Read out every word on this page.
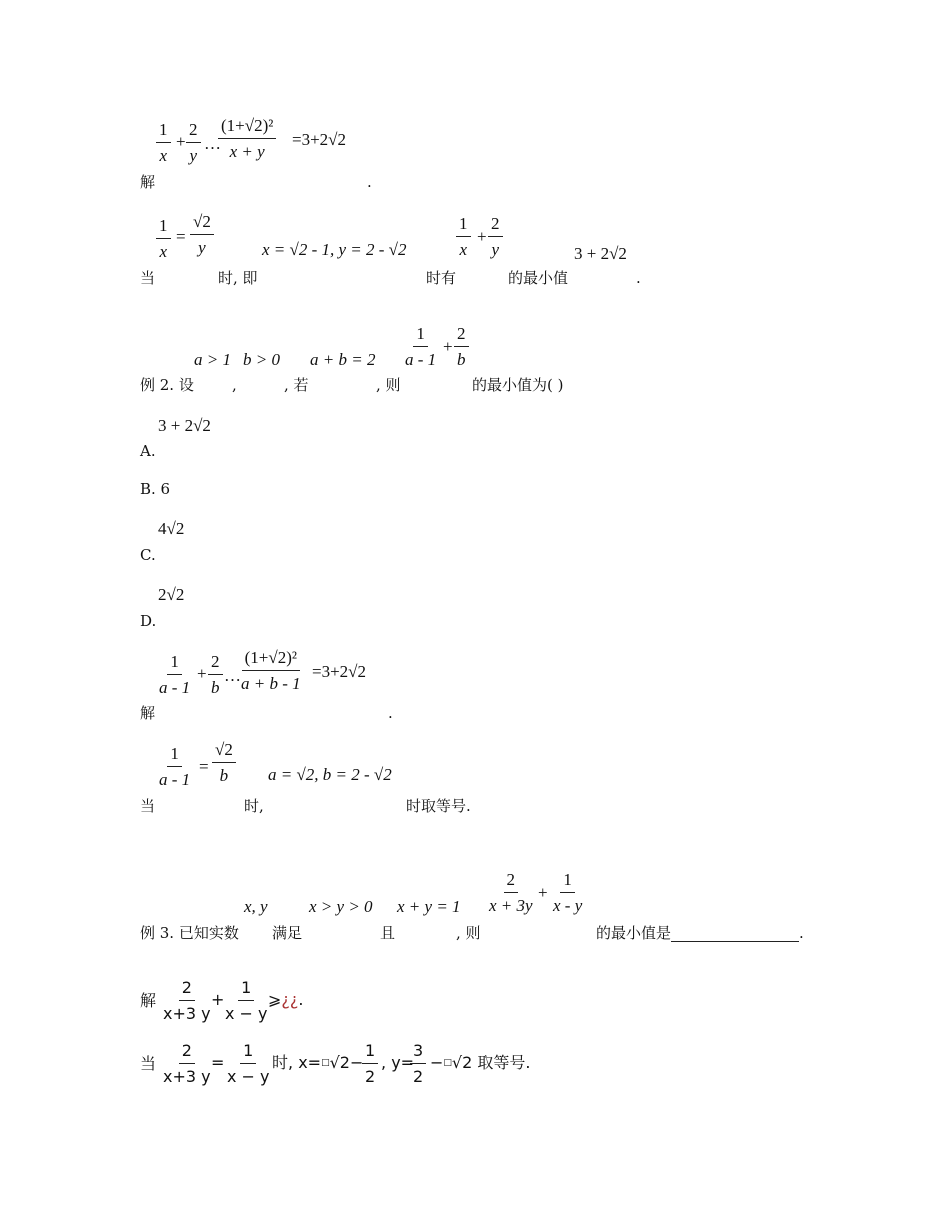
$\frac{1}{x} + \frac{2}{y}$ …
$\frac{\text{(1+√2)²}}{x + y} =3+2√2$
解	.
$\frac{1}{x} = \frac{√2}{y}$	x = √2 - 1, y = 2 - √2	$\frac{1}{x} + \frac{2}{y}$	3 + 2√2
当	时, 即	时有	的最小值	.
a > 1 b > 0 $a + b = 2 \frac{1}{a - 1} + \frac{2}{b}$
例 2. 设	,	, 若	, 则	的最小值为( )
3 + 2√2
A.
B. 6
4√2
C.
2√2
D.
$\frac{1}{a - 1} + \frac{2}{b}$ …
$\frac{\text{(1+√2)²}}{a + b - 1} =3+2√2$
解	.
$\frac{1}{a - 1} = \frac{√2}{b}$ a = √2, b = 2 - √2
当	时,	时取等号.
x, y x > y > 0 $x + y = 1 \frac{2}{x + 3y} + \frac{1}{x - y}$
例 3. 已知实数 满足	且	, 则	的最小值是	.
解 $\frac{2}{x+3 y}$
+
$\frac{1}{x - y}$
⩾¿¿.
当 $\frac{2}{x+3 y}$
= $\frac{1}{x - y}$ 时, x=□√2−
$\frac{1}{2}$ , y=
$\frac{3}{2} -^□√2$ 取等号.
